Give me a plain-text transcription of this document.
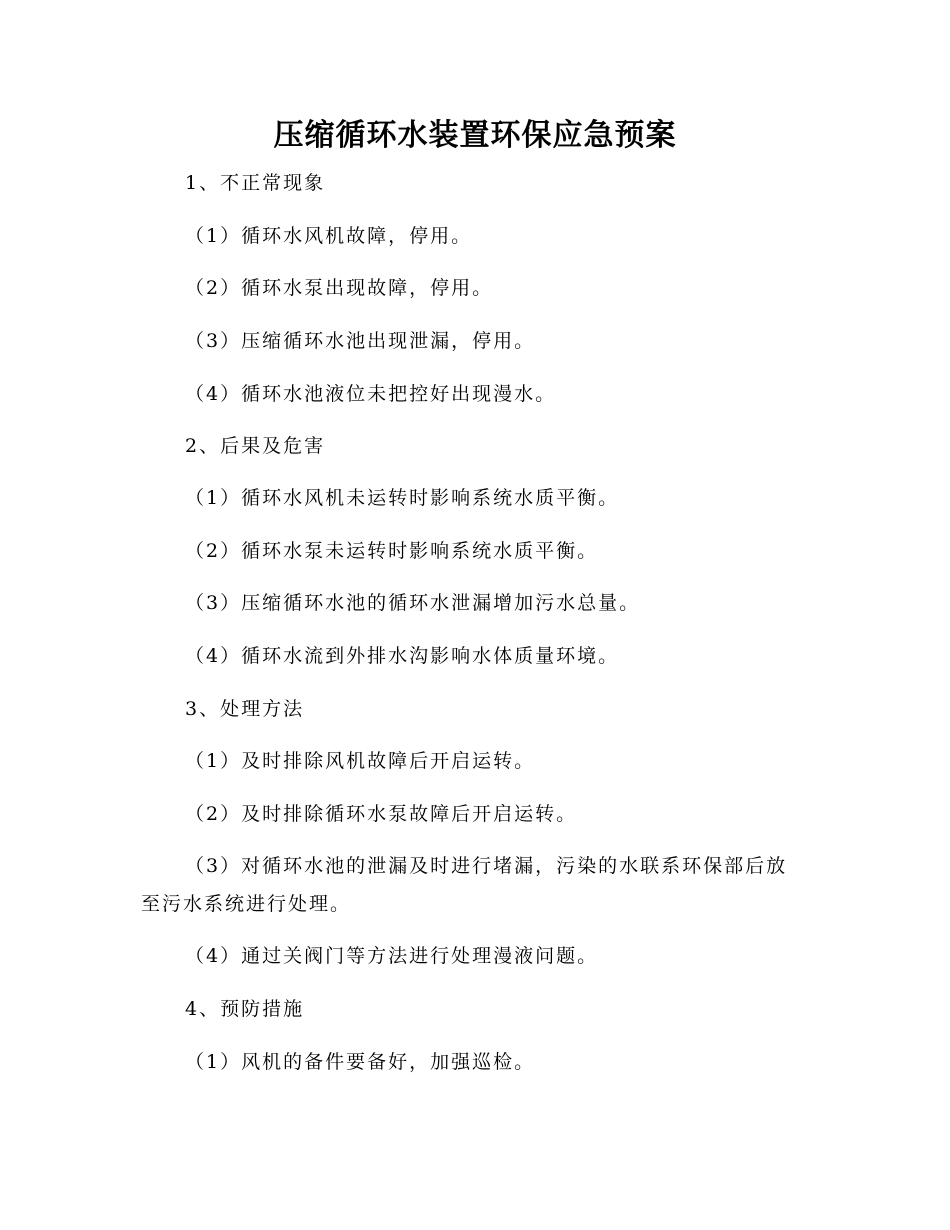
压缩循环水装置环保应急预案
1、不正常现象
（1）循环水风机故障，停用。
（2）循环水泵出现故障，停用。
（3）压缩循环水池出现泄漏，停用。
（4）循环水池液位未把控好出现漫水。
2、后果及危害
（1）循环水风机未运转时影响系统水质平衡。
（2）循环水泵未运转时影响系统水质平衡。
（3）压缩循环水池的循环水泄漏增加污水总量。
（4）循环水流到外排水沟影响水体质量环境。
3、处理方法
（1）及时排除风机故障后开启运转。
（2）及时排除循环水泵故障后开启运转。
（3）对循环水池的泄漏及时进行堵漏，污染的水联系环保部后放
至污水系统进行处理。
（4）通过关阀门等方法进行处理漫液问题。
4、预防措施
（1）风机的备件要备好，加强巡检。
